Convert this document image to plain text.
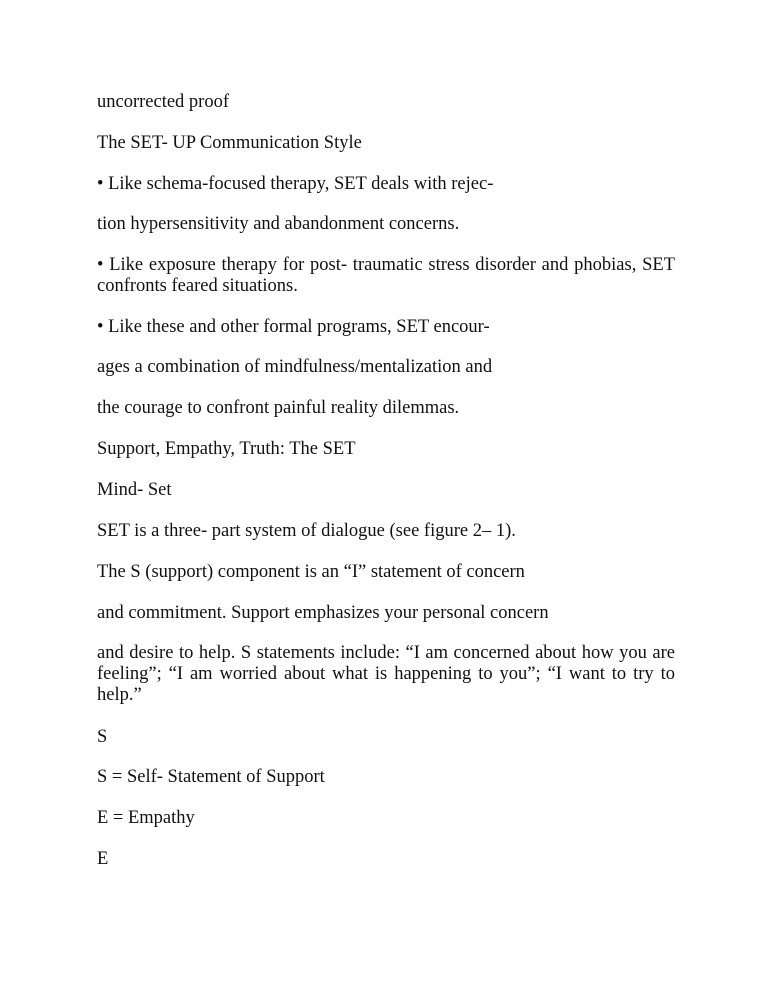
uncorrected proof
The SET- UP Communication Style
• Like schema-focused therapy, SET deals with rejec-
tion hypersensitivity and abandonment concerns.
• Like exposure therapy for post- traumatic stress disorder and phobias, SET confronts feared situations.
• Like these and other formal programs, SET encour-
ages a combination of mindfulness/mentalization and
the courage to confront painful reality dilemmas.
Support, Empathy, Truth: The SET
Mind- Set
SET is a three- part system of dialogue (see figure 2– 1).
The S (support) component is an “I” statement of concern
and commitment. Support emphasizes your personal concern
and desire to help. S statements include: “I am concerned about how you are feeling”; “I am worried about what is happening to you”; “I want to try to help.”
S
S = Self- Statement of Support
E = Empathy
E
